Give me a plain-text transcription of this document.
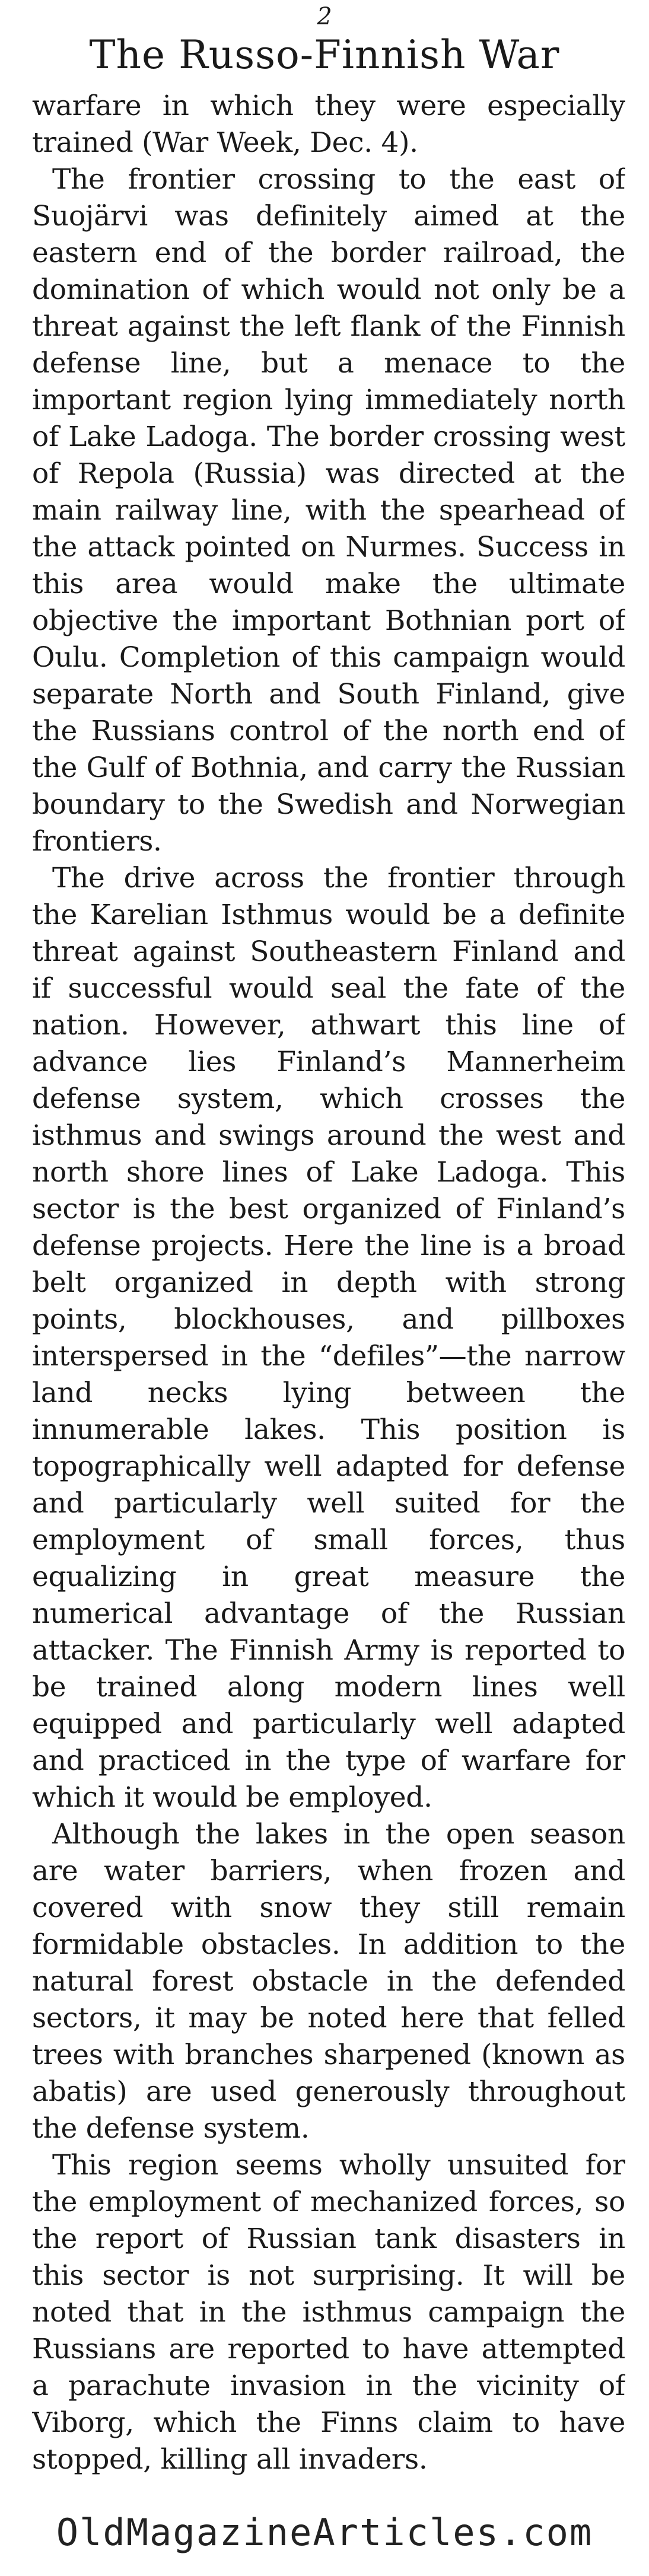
2
The Russo-Finnish War

warfare in which they were especially trained (War Week, Dec. 4).

The frontier crossing to the east of Suojärvi was definitely aimed at the eastern end of the border railroad, the domination of which would not only be a threat against the left flank of the Finnish defense line, but a menace to the important region lying immediately north of Lake Ladoga. The border crossing west of Repola (Russia) was directed at the main railway line, with the spearhead of the attack pointed on Nurmes. Success in this area would make the ultimate objective the important Bothnian port of Oulu. Completion of this campaign would separate North and South Finland, give the Russians control of the north end of the Gulf of Bothnia, and carry the Russian boundary to the Swedish and Norwegian frontiers.

The drive across the frontier through the Karelian Isthmus would be a definite threat against Southeastern Finland and if successful would seal the fate of the nation. However, athwart this line of advance lies Finland’s Mannerheim defense system, which crosses the isthmus and swings around the west and north shore lines of Lake Ladoga. This sector is the best organized of Finland’s defense projects. Here the line is a broad belt organized in depth with strong points, blockhouses, and pillboxes interspersed in the “defiles”—the narrow land necks lying between the innumerable lakes. This position is topographically well adapted for defense and particularly well suited for the employment of small forces, thus equalizing in great measure the numerical advantage of the Russian attacker. The Finnish Army is reported to be trained along modern lines well equipped and particularly well adapted and practiced in the type of warfare for which it would be employed.

Although the lakes in the open season are water barriers, when frozen and covered with snow they still remain formidable obstacles. In addition to the natural forest obstacle in the defended sectors, it may be noted here that felled trees with branches sharpened (known as abatis) are used generously throughout the defense system.

This region seems wholly unsuited for the employment of mechanized forces, so the report of Russian tank disasters in this sector is not surprising. It will be noted that in the isthmus campaign the Russians are reported to have attempted a parachute invasion in the vicinity of Viborg, which the Finns claim to have stopped, killing all invaders.

OldMagazineArticles.com
